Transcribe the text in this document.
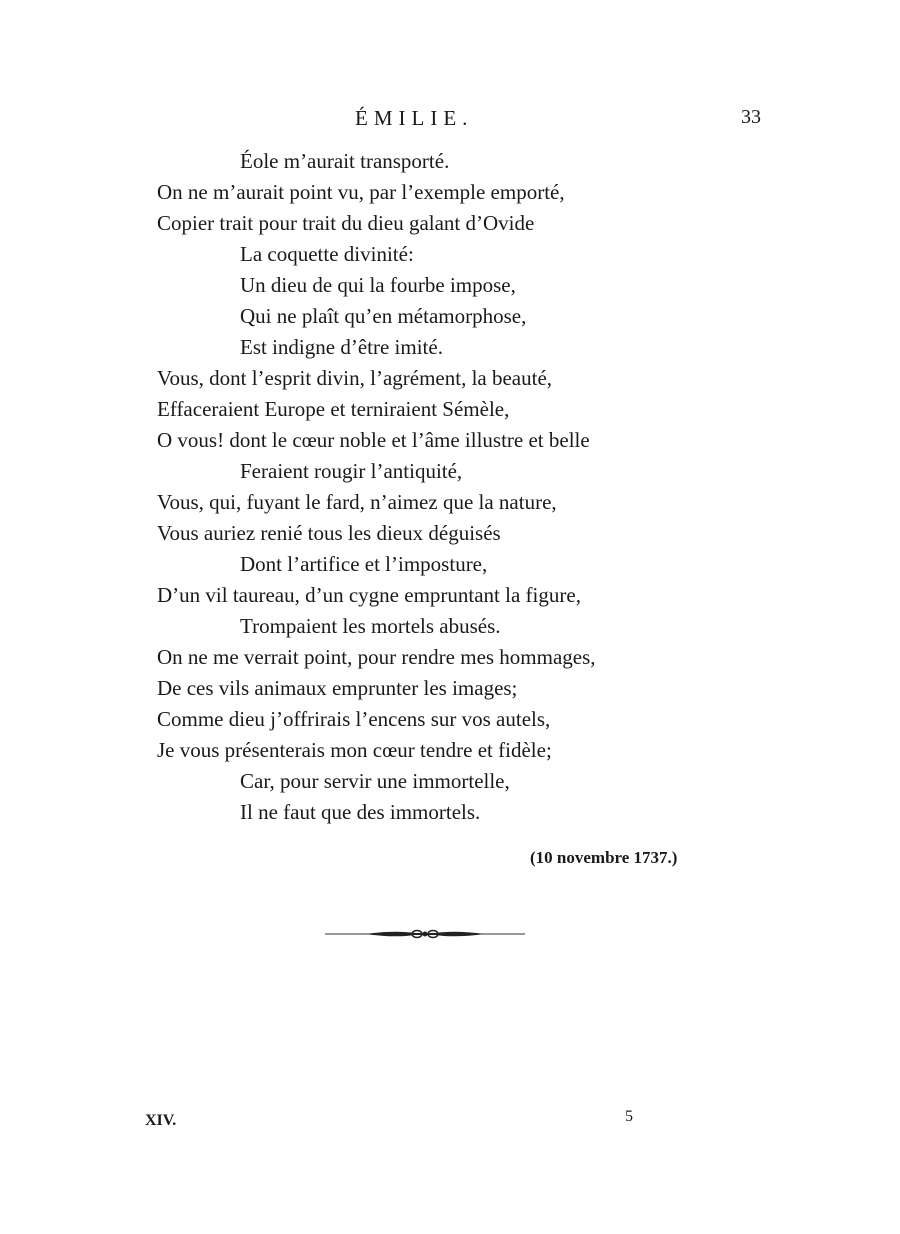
ÉMILIE.	33
Éole m’aurait transporté.
On ne m’aurait point vu, par l’exemple emporté,
Copier trait pour trait du dieu galant d’Ovide
La coquette divinité:
Un dieu de qui la fourbe impose,
Qui ne plaît qu’en métamorphose,
Est indigne d’être imité.
Vous, dont l’esprit divin, l’agrément, la beauté,
Effaceraient Europe et terniraient Sémèle,
O vous! dont le cœur noble et l’âme illustre et belle
Feraient rougir l’antiquité,
Vous, qui, fuyant le fard, n’aimez que la nature,
Vous auriez renié tous les dieux déguisés
Dont l’artifice et l’imposture,
D’un vil taureau, d’un cygne empruntant la figure,
Trompaient les mortels abusés.
On ne me verrait point, pour rendre mes hommages,
De ces vils animaux emprunter les images;
Comme dieu j’offrirais l’encens sur vos autels,
Je vous présenterais mon cœur tendre et fidèle;
Car, pour servir une immortelle,
Il ne faut que des immortels.
(10 novembre 1737.)
XIV.	5
